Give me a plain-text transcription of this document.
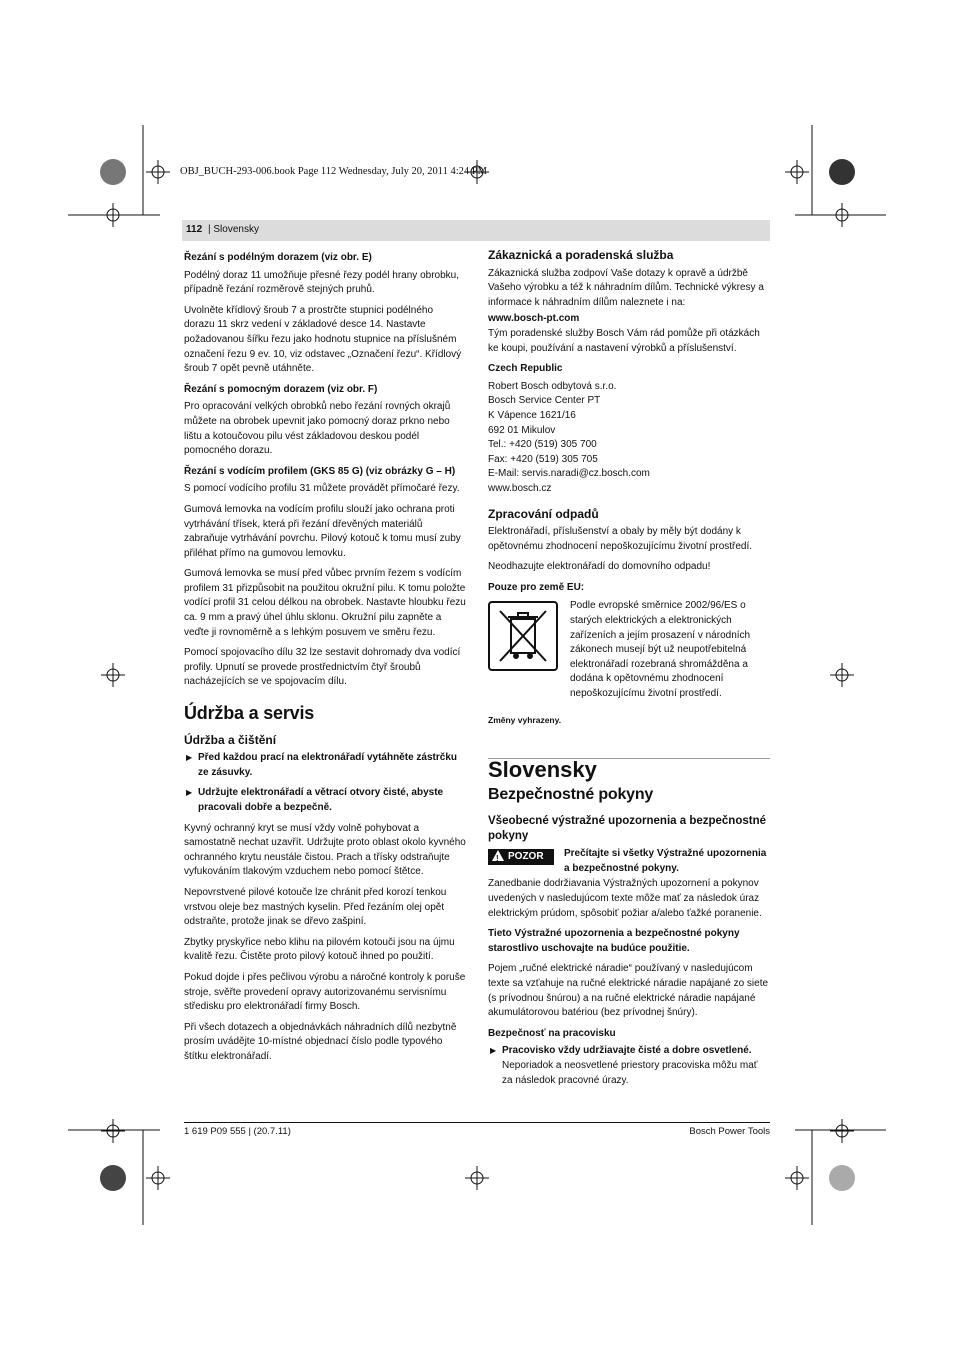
OBJ_BUCH-293-006.book Page 112 Wednesday, July 20, 2011 4:24 PM
112 | Slovensky
Řezání s podélným dorazem (viz obr. E)

Podélný doraz 11 umožňuje přesné řezy podél hrany obrobku, případně řezání rozměrově stejných pruhů.

Uvolněte křídlový šroub 7 a prostrčte stupnici podélného dorazu 11 skrz vedení v základové desce 14. Nastavte požadovanou šířku řezu jako hodnotu stupnice na příslušném označení řezu 9 ev. 10, viz odstavec „Označení řezu“. Křídlový šroub 7 opět pevně utáhněte.

Řezání s pomocným dorazem (viz obr. F)

Pro opracování velkých obrobků nebo řezání rovných okrajů můžete na obrobek upevnit jako pomocný doraz prkno nebo lištu a kotoučovou pilu vést základovou deskou podél pomocného dorazu.

Řezání s vodícím profilem (GKS 85 G) (viz obrázky G – H)

S pomocí vodícího profilu 31 můžete provádět přímočaré řezy.

Gumová lemovka na vodícím profilu slouží jako ochrana proti vytrhávání třísek, která při řezání dřevěných materiálů zabraňuje vytrhávání povrchu. Pilový kotouč k tomu musí zuby přiléhat přímo na gumovou lemovku.

Gumová lemovka se musí před vůbec prvním řezem s vodícím profilem 31 přizpůsobit na použitou okružní pilu. K tomu položte vodící profil 31 celou délkou na obrobek. Nastavte hloubku řezu ca. 9 mm a pravý úhel úhlu sklonu. Okružní pilu zapněte a veďte ji rovnoměrně a s lehkým posuvem ve směru řezu.

Pomocí spojovacího dílu 32 lze sestavit dohromady dva vodící profily. Upnutí se provede prostřednictvím čtyř šroubů nacházejících se ve spojovacím dílu.

Údržba a servis
Údržba a čištění
▶ Před každou prací na elektronářadí vytáhněte zástrčku ze zásuvky.
▶ Udržujte elektronářadí a větrací otvory čisté, abyste pracovali dobře a bezpečně.

Kyvný ochranný kryt se musí vždy volně pohybovat a samostatně nechat uzavřít. Udržujte proto oblast okolo kyvného ochranného krytu neustále čistou. Prach a třísky odstraňujte vyfukováním tlakovým vzduchem nebo pomocí štětce.

Nepovrstvené pilové kotouče lze chránit před korozí tenkou vrstvou oleje bez mastných kyselin. Před řezáním olej opět odstraňte, protože jinak se dřevo zašpiní.

Zbytky pryskyřice nebo klihu na pilovém kotouči jsou na újmu kvalitě řezu. Čistěte proto pilový kotouč ihned po použití.

Pokud dojde i přes pečlivou výrobu a náročné kontroly k poruše stroje, svěřte provedení opravy autorizovanému servisnímu středisku pro elektronářadí firmy Bosch.

Při všech dotazech a objednávkách náhradních dílů nezbytně prosím uvádějte 10-místné objednací číslo podle typového štítku elektronářadí.

Zákaznická a poradenská služba

Zákaznická služba zodpoví Vaše dotazy k opravě a údržbě Vašeho výrobku a též k náhradním dílům. Technické výkresy a informace k náhradním dílům naleznete i na:

www.bosch-pt.com

Tým poradenské služby Bosch Vám rád pomůže při otázkách ke koupi, používání a nastavení výrobků a příslušenství.

Czech Republic
Robert Bosch odbytová s.r.o.
Bosch Service Center PT
K Vápence 1621/16
692 01 Mikulov
Tel.: +420 (519) 305 700
Fax: +420 (519) 305 705
E-Mail: servis.naradi@cz.bosch.com
www.bosch.cz
Zpracování odpadů

Elektronářadí, příslušenství a obaly by měly být dodány k opětovnému zhodnocení nepoškozujícímu životní prostředí.

Neodhazujte elektronářadí do domovního odpadu!

Pouze pro země EU:
Podle evropské směrnice 2002/96/ES o starých elektrických a elektronických zařízeních a jejím prosazení v národních zákonech musejí být už neupotřebitelná elektronářadí rozebraná shromážděna a dodána k opětovnému zhodnocení nepoškozujícímu životní prostředí.
Změny vyhrazeny.
Slovensky
Bezpečnostné pokyny
Všeobecné výstražné upozornenia a bezpečnostné pokyny
! POZOR	Prečítajte si všetky Výstražné upozornenia a bezpečnostné pokyny.

Zanedbanie dodržiavania Výstražných upozornení a pokynov uvedených v nasledujúcom texte môže mať za následok úraz elektrickým prúdom, spôsobiť požiar a/alebo ťažké poranenie.

Tieto Výstražné upozornenia a bezpečnostné pokyny starostlivo uschovajte na budúce použitie.

Pojem „ručné elektrické náradie“ používaný v nasledujúcom texte sa vzťahuje na ručné elektrické náradie napájané zo siete (s prívodnou šnúrou) a na ručné elektrické náradie napájané akumulátorovou batériou (bez prívodnej šnúry).

Bezpečnosť na pracovisku
▶ Pracovisko vždy udržiavajte čisté a dobre osvetlené.
Neporiadok a neosvetlené priestory pracoviska môžu mať za následok pracovné úrazy.
1 619 P09 555 | (20.7.11)	Bosch Power Tools
